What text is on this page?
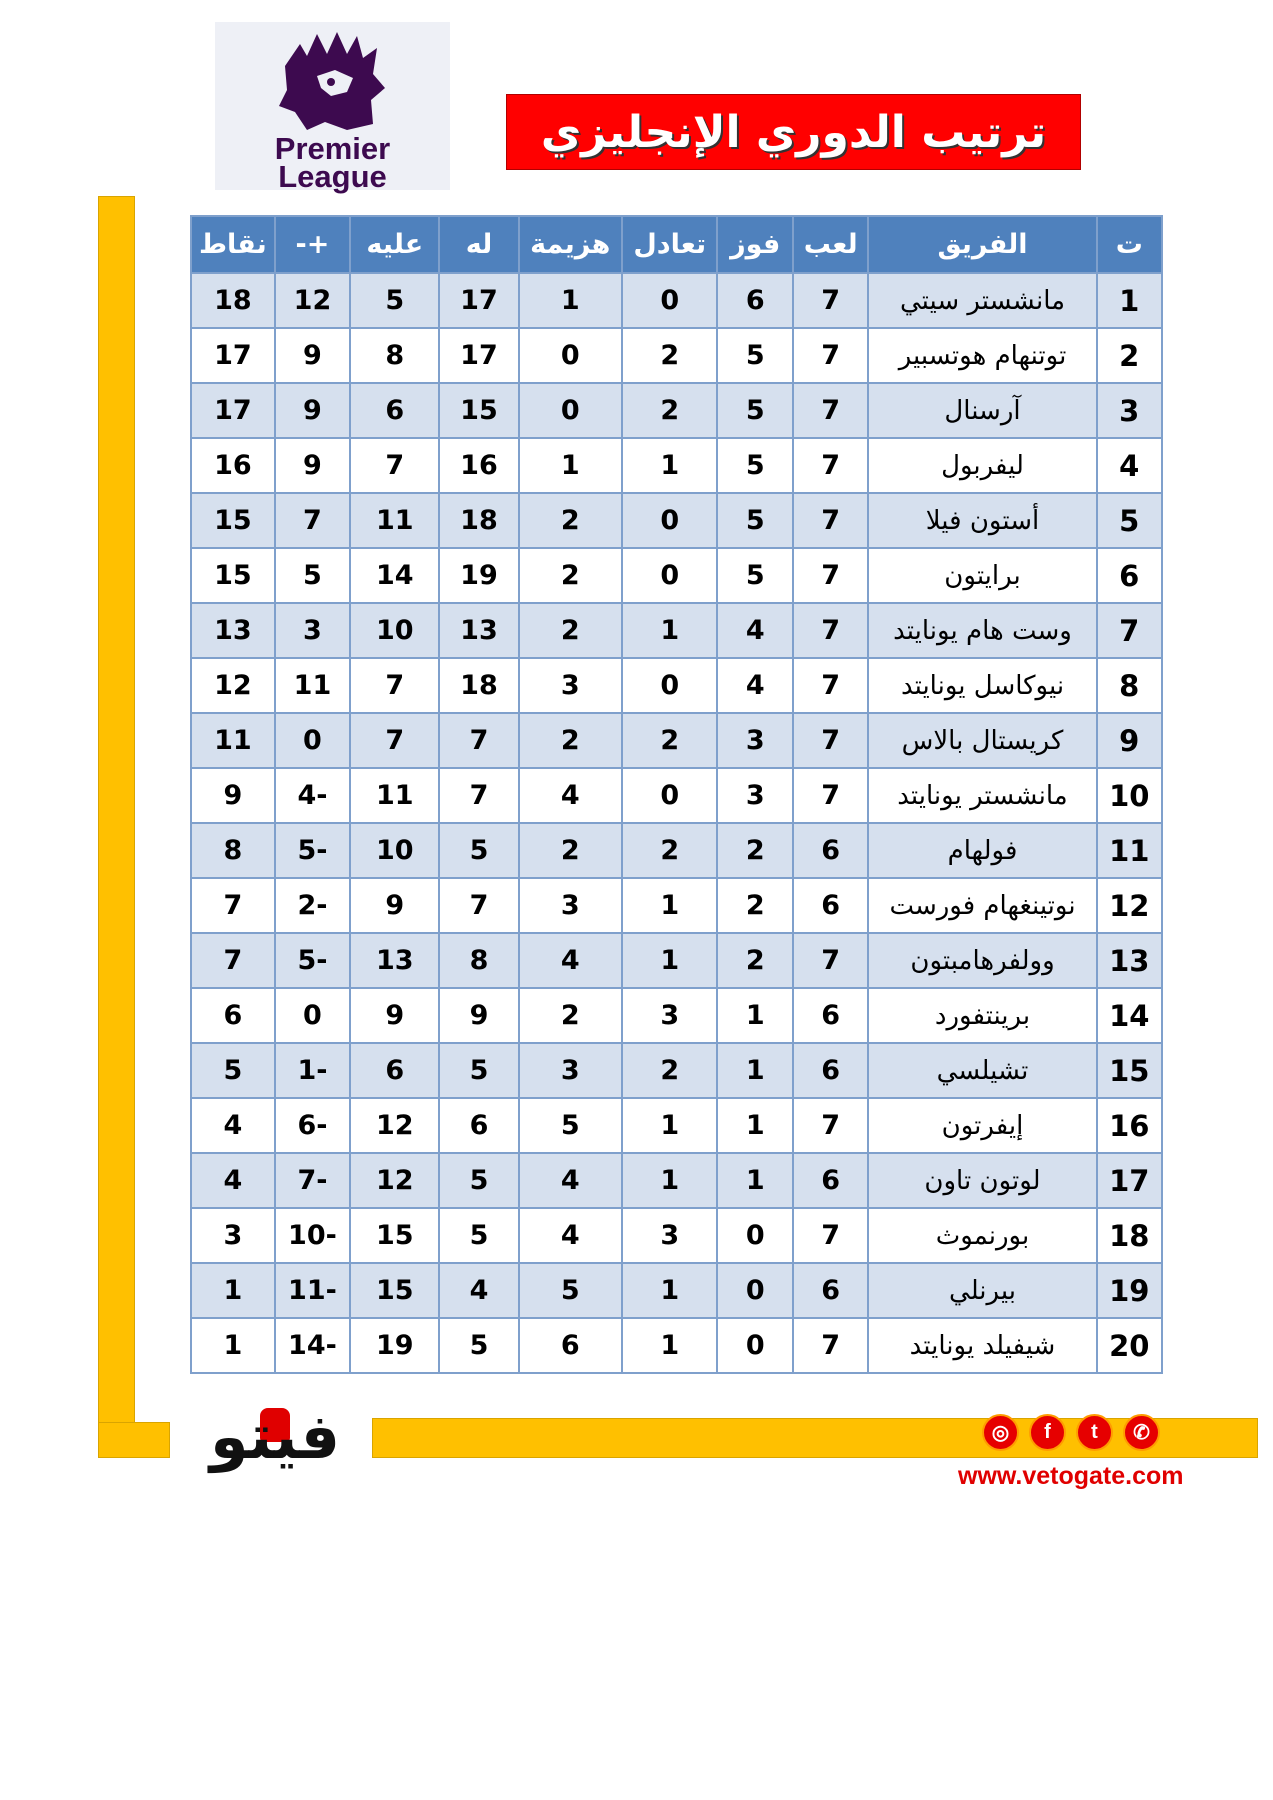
Premier
League
ترتيب الدوري الإنجليزي
ت	الفريق	لعب	فوز	تعادل	هزيمة	له	عليه	+-	نقاط
1	مانشستر سيتي	7	6	0	1	17	5	12	18
2	توتنهام هوتسبير	7	5	2	0	17	8	9	17
3	آرسنال	7	5	2	0	15	6	9	17
4	ليفربول	7	5	1	1	16	7	9	16
5	أستون فيلا	7	5	0	2	18	11	7	15
6	برايتون	7	5	0	2	19	14	5	15
7	وست هام يونايتد	7	4	1	2	13	10	3	13
8	نيوكاسل يونايتد	7	4	0	3	18	7	11	12
9	كريستال بالاس	7	3	2	2	7	7	0	11
10	مانشستر يونايتد	7	3	0	4	7	11	-4	9
11	فولهام	6	2	2	2	5	10	-5	8
12	نوتينغهام فورست	6	2	1	3	7	9	-2	7
13	وولفرهامبتون	7	2	1	4	8	13	-5	7
14	برينتفورد	6	1	3	2	9	9	0	6
15	تشيلسي	6	1	2	3	5	6	-1	5
16	إيفرتون	7	1	1	5	6	12	-6	4
17	لوتون تاون	6	1	1	4	5	12	-7	4
18	بورنموث	7	0	3	4	5	15	-10	3
19	بيرنلي	6	0	1	5	4	15	-11	1
20	شيفيلد يونايتد	7	0	1	6	5	19	-14	1
فيتو	◎	f	t	✆
www.vetogate.com
